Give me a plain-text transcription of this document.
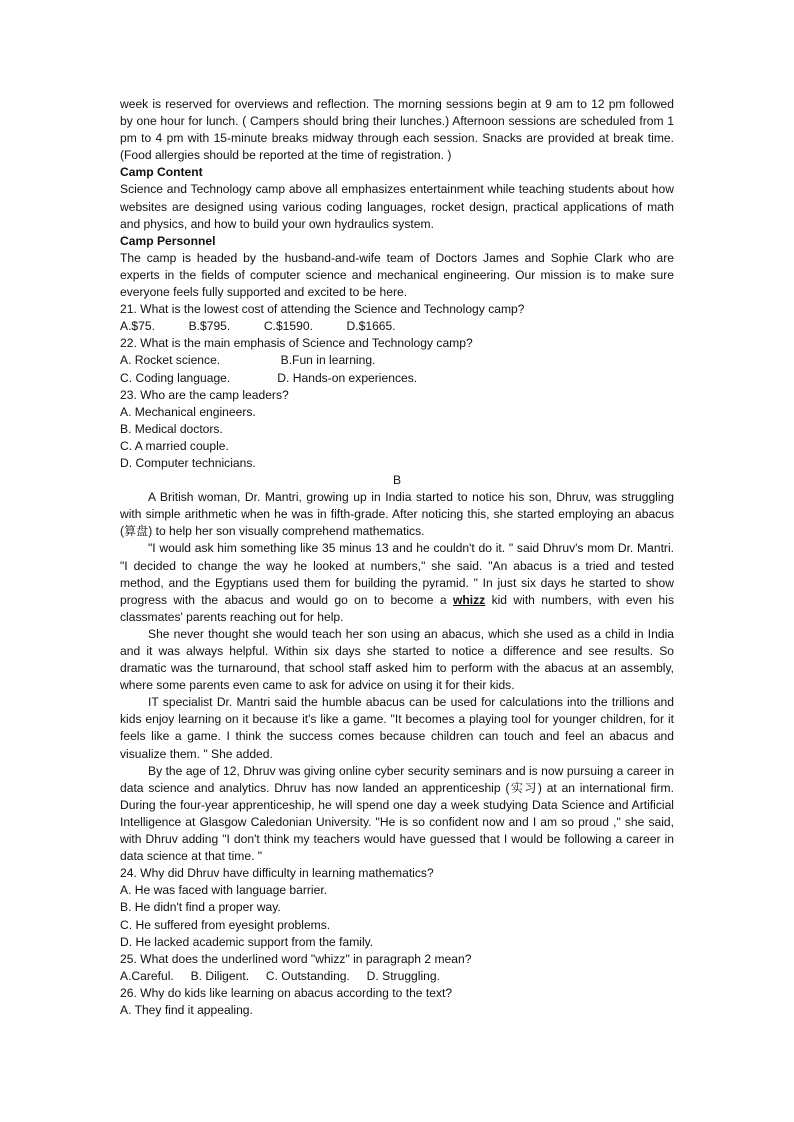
week is reserved for overviews and reflection. The morning sessions begin at 9 am to 12 pm followed by one hour for lunch. ( Campers should bring their lunches.) Afternoon sessions are scheduled from 1 pm to 4 pm with 15-minute breaks midway through each session. Snacks are provided at break time. (Food allergies should be reported at the time of registration. )

Camp Content

Science and Technology camp above all emphasizes entertainment while teaching students about how websites are designed using various coding languages, rocket design, practical applications of math and physics, and how to build your own hydraulics system.

Camp Personnel

The camp is headed by the husband-and-wife team of Doctors James and Sophie Clark who are experts in the fields of computer science and mechanical engineering. Our mission is to make sure everyone feels fully supported and excited to be here.

21. What is the lowest cost of attending the Science and Technology camp?

A.$75.          B.$795.          C.$1590.          D.$1665.

22. What is the main emphasis of Science and Technology camp?

A. Rocket science.                  B.Fun in learning.

C. Coding language.              D. Hands-on experiences.

23. Who are the camp leaders?

A. Mechanical engineers.

B. Medical doctors.

C. A married couple.

D. Computer technicians.

B

A British woman, Dr. Mantri, growing up in India started to notice his son, Dhruv, was struggling with simple arithmetic when he was in fifth-grade. After noticing this, she started employing an abacus (算盘) to help her son visually comprehend mathematics.

"I would ask him something like 35 minus 13 and he couldn't do it. " said Dhruv's mom Dr. Mantri. "I decided to change the way he looked at numbers," she said. "An abacus is a tried and tested method, and the Egyptians used them for building the pyramid. " In just six days he started to show progress with the abacus and would go on to become a whizz kid with numbers, with even his classmates' parents reaching out for help.

She never thought she would teach her son using an abacus, which she used as a child in India and it was always helpful. Within six days she started to notice a difference and see results. So dramatic was the turnaround, that school staff asked him to perform with the abacus at an assembly, where some parents even came to ask for advice on using it for their kids.

IT specialist Dr. Mantri said the humble abacus can be used for calculations into the trillions and kids enjoy learning on it because it's like a game. "It becomes a playing tool for younger children, for it feels like a game. I think the success comes because children can touch and feel an abacus and visualize them. " She added.

By the age of 12, Dhruv was giving online cyber security seminars and is now pursuing a career in data science and analytics. Dhruv has now landed an apprenticeship (实习) at an international firm. During the four-year apprenticeship, he will spend one day a week studying Data Science and Artificial Intelligence at Glasgow Caledonian University. "He is so confident now and I am so proud ," she said, with Dhruv adding "I don't think my teachers would have guessed that I would be following a career in data science at that time. "

24. Why did Dhruv have difficulty in learning mathematics?

A. He was faced with language barrier.

B. He didn't find a proper way.

C. He suffered from eyesight problems.

D. He lacked academic support from the family.

25. What does the underlined word "whizz" in paragraph 2 mean?

A.Careful.     B. Diligent.     C. Outstanding.     D. Struggling.

26. Why do kids like learning on abacus according to the text?

A. They find it appealing.
